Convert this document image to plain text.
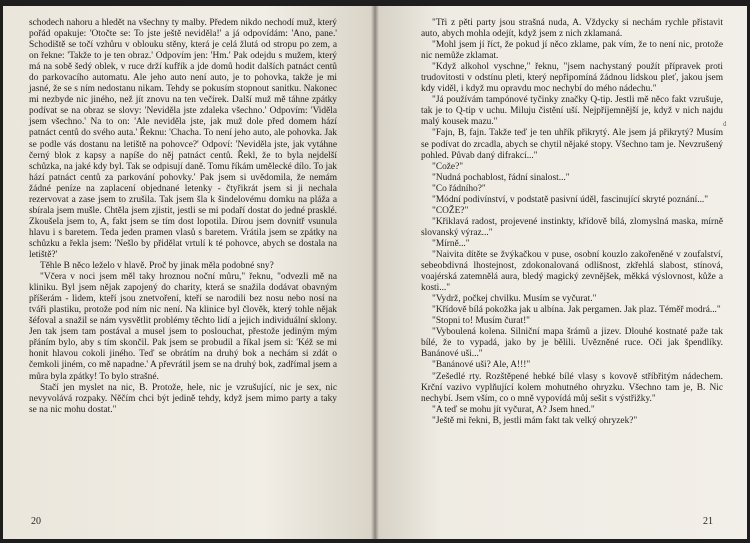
schodech nahoru a hledět na všechny ty malby. Předem nikdo nechodí muž, který pořád opakuje: 'Otočte se: To jste ještě neviděla!' a já odpovídám: 'Ano, pane.' Schodiště se točí vzhůru v oblouku stěny, která je celá žlutá od stropu po zem, a on řekne: 'Takže to je ten obraz.' Odpovím jen: 'Hm.' Pak odejdu s mužem, který má na sobě šedý oblek, v ruce drží kufřík a jde domů hodit dalších patnáct centů do parkovacího automatu. Ale jeho auto není auto, je to pohovka, takže je mi jasné, že se s ním nedostanu nikam. Tehdy se pokusím stopnout sanitku. Nakonec mi nezbyde nic jiného, než jít znovu na ten večírek. Další muž mě táhne zpátky podívat se na obraz se slovy: 'Neviděla jste zdaleka všechno.' Odpovím: 'Viděla jsem všechno.' Na to on: 'Ale neviděla jste, jak muž dole před domem hází patnáct centů do svého auta.' Řeknu: 'Chacha. To není jeho auto, ale pohovka. Jak se podle vás dostanu na letiště na pohovce?' Odpoví: 'Neviděla jste, jak vytáhne černý blok z kapsy a napíše do něj patnáct centů. Řekl, že to byla nejdelší schůzka, na jaké kdy byl. Tak se odpisují daně. Tomu říkám umělecké dílo. To jak hází patnáct centů za parkování pohovky.' Pak jsem si uvědomila, že nemám žádné peníze na zaplacení objednané letenky - čtyřikrát jsem si ji nechala rezervovat a zase jsem to zrušila. Tak jsem šla k šindelovému domku na pláža a sbírala jsem mušle. Chtěla jsem zjistit, jestli se mi podaří dostat do jedné prasklé. Zkoušela jsem to, A, fakt jsem se tím dost lopotila. Dírou jsem dovnitř vsunula hlavu i s baretem. Teda jeden pramen vlasů s baretem. Vrátila jsem se zpátky na schůzku a řekla jsem: 'Nešlo by přidělat vrtulí k té pohovce, abych se dostala na letiště?'

Těhle B něco leželo v hlavě. Proč by jinak měla podobné sny?

"Včera v noci jsem měl taky hroznou noční můru," řeknu, "odvezli mě na kliniku. Byl jsem nějak zapojený do charity, která se snažila dodávat obavným příšerám - lidem, kteří jsou znetvoření, kteří se narodili bez nosu nebo nosí na tváři plastiku, protože pod ním nic není. Na klinice byl člověk, který tohle nějak šéfoval a snažil se nám vysvětlit problémy těchto lidí a jejich individuální sklony. Jen tak jsem tam postával a musel jsem to poslouchat, přestože jediným mým přáním bylo, aby s tím skončil. Pak jsem se probudil a říkal jsem si: 'Kéž se mi honit hlavou cokoli jiného. Teď se obrátím na druhý bok a nechám si zdát o čemkoli jiném, co mě napadne.' A převrátil jsem se na druhý bok, zadřímal jsem a můra byla zpátky! To bylo strašné.

Stačí jen myslet na nic, B. Protože, hele, nic je vzrušující, nic je sex, nic nevyvolává rozpaky. Něčím chci být jedině tehdy, když jsem mimo party a taky se na nic mohu dostat."

20

"Tři z pěti party jsou strašná nuda, A. Vždycky si nechám rychle přistavit auto, abych mohla odejít, když jsem z nich zklamaná.

"Mohl jsem jí říct, že pokud jí něco zklame, pak vím, že to není nic, protože nic nemůže zklamat.

"Když alkohol vyschne," řeknu, "jsem nachystaný použít přípravek proti trudovitosti v odstínu pleti, který nepřipomíná žádnou lidskou pleť, jakou jsem kdy viděl, i když mu opravdu moc nechybí do mého nádechu."

"Já používám tampónové tyčinky značky Q-tip. Jestli mě něco fakt vzrušuje, tak je to Q-tip v uchu. Miluju čistění uší. Nejpříjemnější je, když v nich najdu malý kousek mazu."

"Fajn, B, fajn. Takže teď je ten uhřík přikrytý. Ale jsem já přikrytý? Musím se podívat do zrcadla, abych se chytil nějaké stopy. Všechno tam je. Nevzrušený pohled. Půvab daný difrakcí..."

"Cože?"

"Nudná pochablost, řádní sinalost..."

"Co řádního?"

"Módní podivínství, v podstatě pasivní úděl, fascinující skryté poznání..."

"COŽE?"

"Křiklavá radost, projevené instinkty, křídově bílá, zlomyslná maska, mírně slovanský výraz..."

"Mírně..."

"Naivita dítěte se žvýkačkou v puse, osobní kouzlo zakořeněné v zoufalství, sebeobdivná lhostejnost, zdokonalovaná odlišnost, zkřehlá slabost, stínová, voajérská zatemnělá aura, bledý magický zevnějšek, měkká výslovnost, kůže a kosti..."

"Vydrž, počkej chvilku. Musím se vyčurat."

"Křídově bílá pokožka jak u albína. Jak pergamen. Jak plaz. Téměř modrá..."

"Stopni to! Musím čurat!"

"Vyboulená kolena. Silniční mapa šrámů a jizev. Dlouhé kostnaté paže tak bílé, že to vypadá, jako by je bělili. Uvězněné ruce. Oči jak špendlíky. Banánové uši..."

"Banánové uši? Ale, A!!!"

"Zešedlé rty. Rozštěpené hebké bílé vlasy s kovově stříbřitým nádechem. Krční vazivo vyplňující kolem mohutného ohryzku. Všechno tam je, B. Nic nechybí. Jsem vším, co o mně vypovídá můj sešit s výstřižky."

"A teď se mohu jít vyčurat, A? Jsem hned."

"Ještě mi řekni, B, jestli mám fakt tak velký ohryzek?"

d
21
